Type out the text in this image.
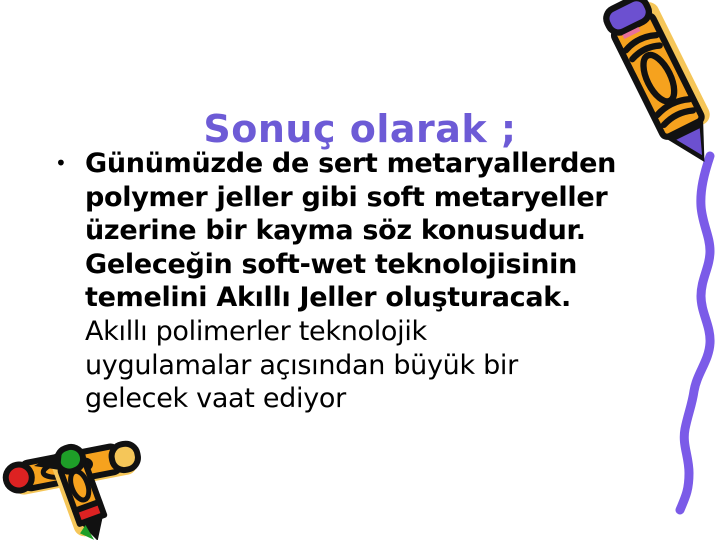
Sonuç olarak ;
• Günümüzde de sert metaryallerden
polymer jeller gibi soft metaryeller
üzerine bir kayma söz konusudur.
Geleceğin soft-wet teknolojisinin
temelini Akıllı Jeller oluşturacak.
Akıllı polimerler teknolojik
uygulamalar açısından büyük bir
gelecek vaat ediyor
